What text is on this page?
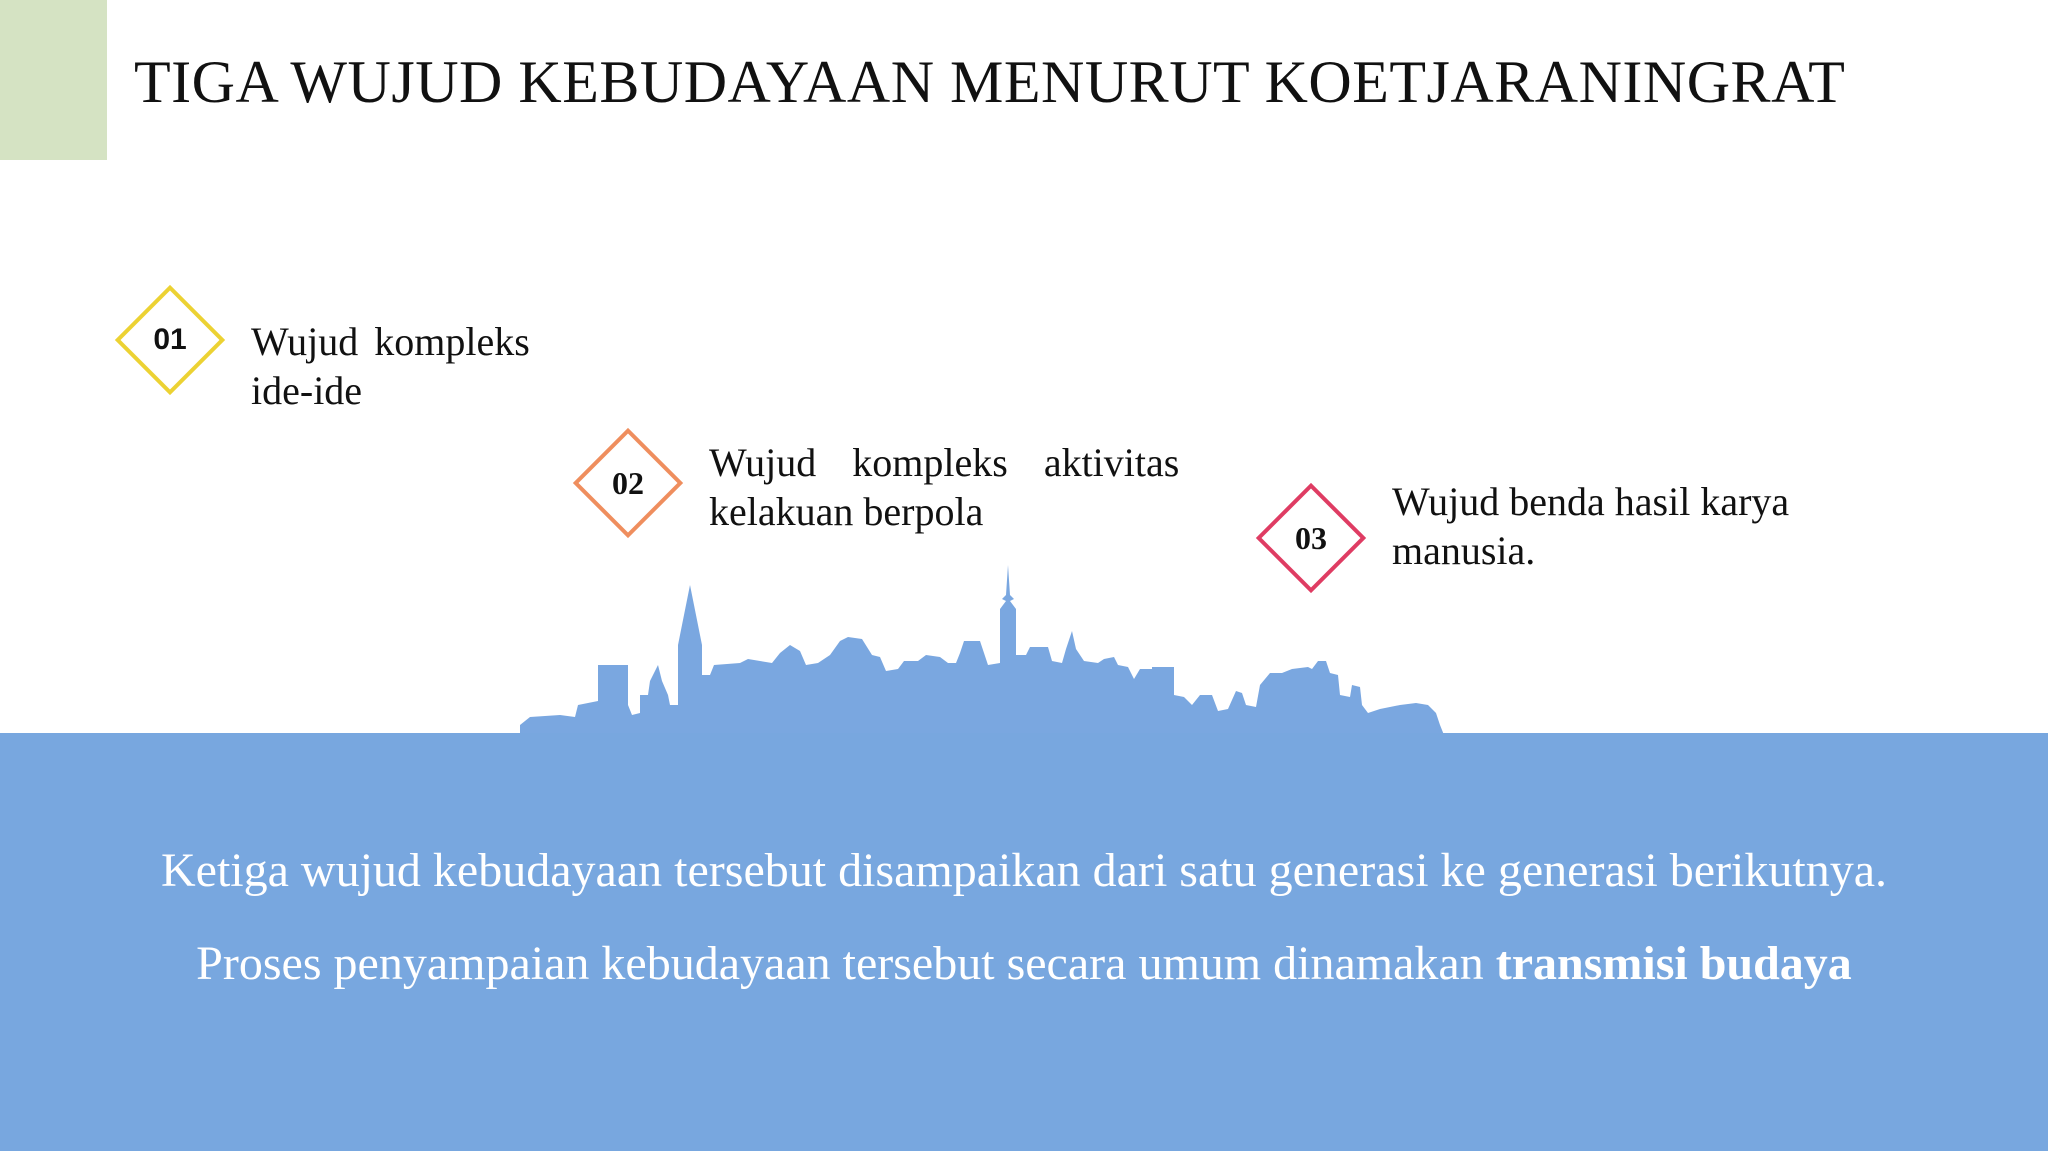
TIGA WUJUD KEBUDAYAAN MENURUT KOETJARANINGRAT
01	Wujud kompleks
ide-ide
02	Wujud kompleks aktivitas
kelakuan berpola
03
Wujud benda hasil karya
manusia.
Ketiga wujud kebudayaan tersebut disampaikan dari satu generasi ke generasi berikutnya.
Proses penyampaian kebudayaan tersebut secara umum dinamakan transmisi budaya
